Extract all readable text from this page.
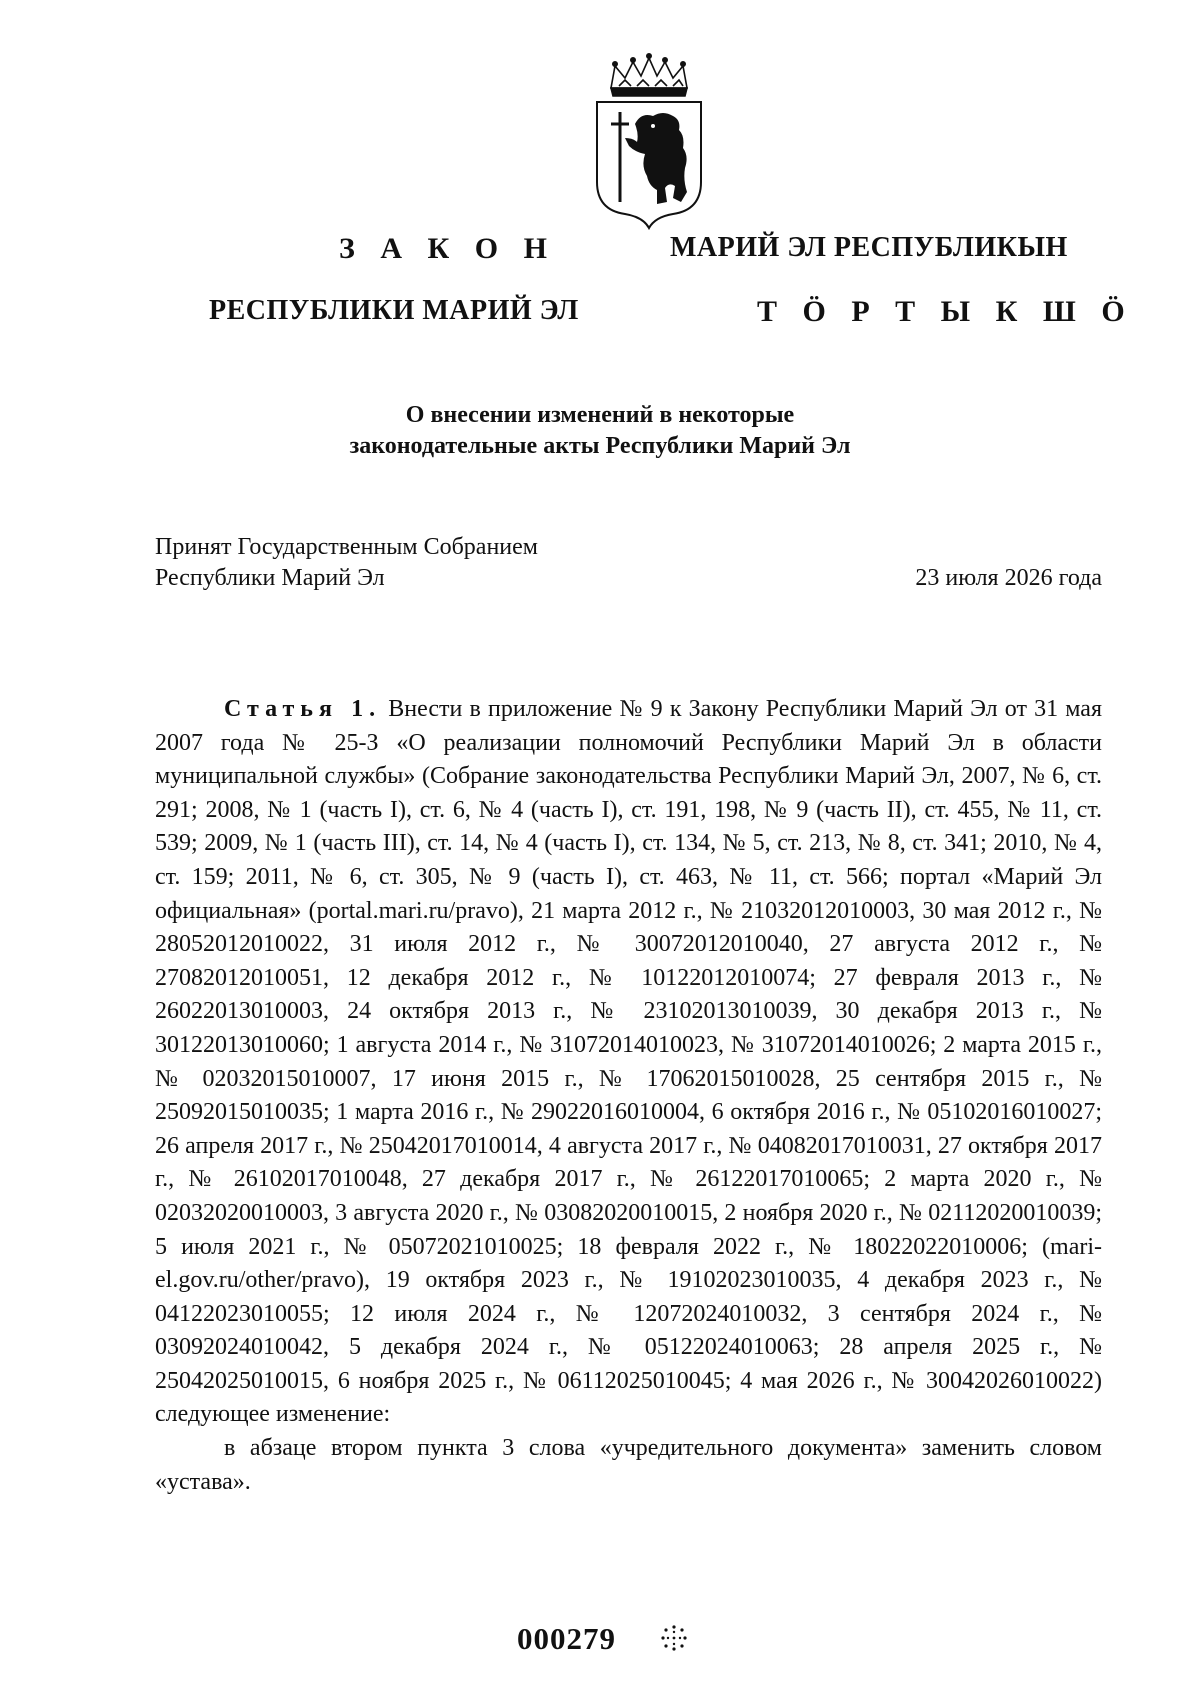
З А К О Н	МАРИЙ ЭЛ РЕСПУБЛИКЫН
РЕСПУБЛИКИ МАРИЙ ЭЛ	Т Ö Р Т Ы К Ш Ö
О внесении изменений в некоторые
законодательные акты Республики Марий Эл
Принят Государственным Собранием
Республики Марий Эл	23 июля 2026 года

Статья 1. Внести в приложение № 9 к Закону Республики Марий Эл от 31 мая 2007 года № 25-З «О реализации полномочий Республики Марий Эл в области муниципальной службы» (Собрание законодательства Республики Марий Эл, 2007, № 6, ст. 291; 2008, № 1 (часть I), ст. 6, № 4 (часть I), ст. 191, 198, № 9 (часть II), ст. 455, № 11, ст. 539; 2009, № 1 (часть III), ст. 14, № 4 (часть I), ст. 134, № 5, ст. 213, № 8, ст. 341; 2010, № 4, ст. 159; 2011, № 6, ст. 305, № 9 (часть I), ст. 463, № 11, ст. 566; портал «Марий Эл официальная» (portal.mari.ru/pravo), 21 марта 2012 г., № 21032012010003, 30 мая 2012 г., № 28052012010022, 31 июля 2012 г., № 30072012010040, 27 августа 2012 г., № 27082012010051, 12 декабря 2012 г., № 10122012010074; 27 февраля 2013 г., № 26022013010003, 24 октября 2013 г., № 23102013010039, 30 декабря 2013 г., № 30122013010060; 1 августа 2014 г., № 31072014010023, № 31072014010026; 2 марта 2015 г., № 02032015010007, 17 июня 2015 г., № 17062015010028, 25 сентября 2015 г., № 25092015010035; 1 марта 2016 г., № 29022016010004, 6 октября 2016 г., № 05102016010027; 26 апреля 2017 г., № 25042017010014, 4 августа 2017 г., № 04082017010031, 27 октября 2017 г., № 26102017010048, 27 декабря 2017 г., № 26122017010065; 2 марта 2020 г., № 02032020010003, 3 августа 2020 г., № 03082020010015, 2 ноября 2020 г., № 02112020010039; 5 июля 2021 г., № 05072021010025; 18 февраля 2022 г., № 18022022010006; (mari-el.gov.ru/other/pravo), 19 октября 2023 г., № 19102023010035, 4 декабря 2023 г., № 04122023010055; 12 июля 2024 г., № 12072024010032, 3 сентября 2024 г., № 03092024010042, 5 декабря 2024 г., № 05122024010063; 28 апреля 2025 г., № 25042025010015, 6 ноября 2025 г., № 06112025010045; 4 мая 2026 г., № 30042026010022) следующее изменение:

в абзаце втором пункта 3 слова «учредительного документа» заменить словом «устава».

000279
